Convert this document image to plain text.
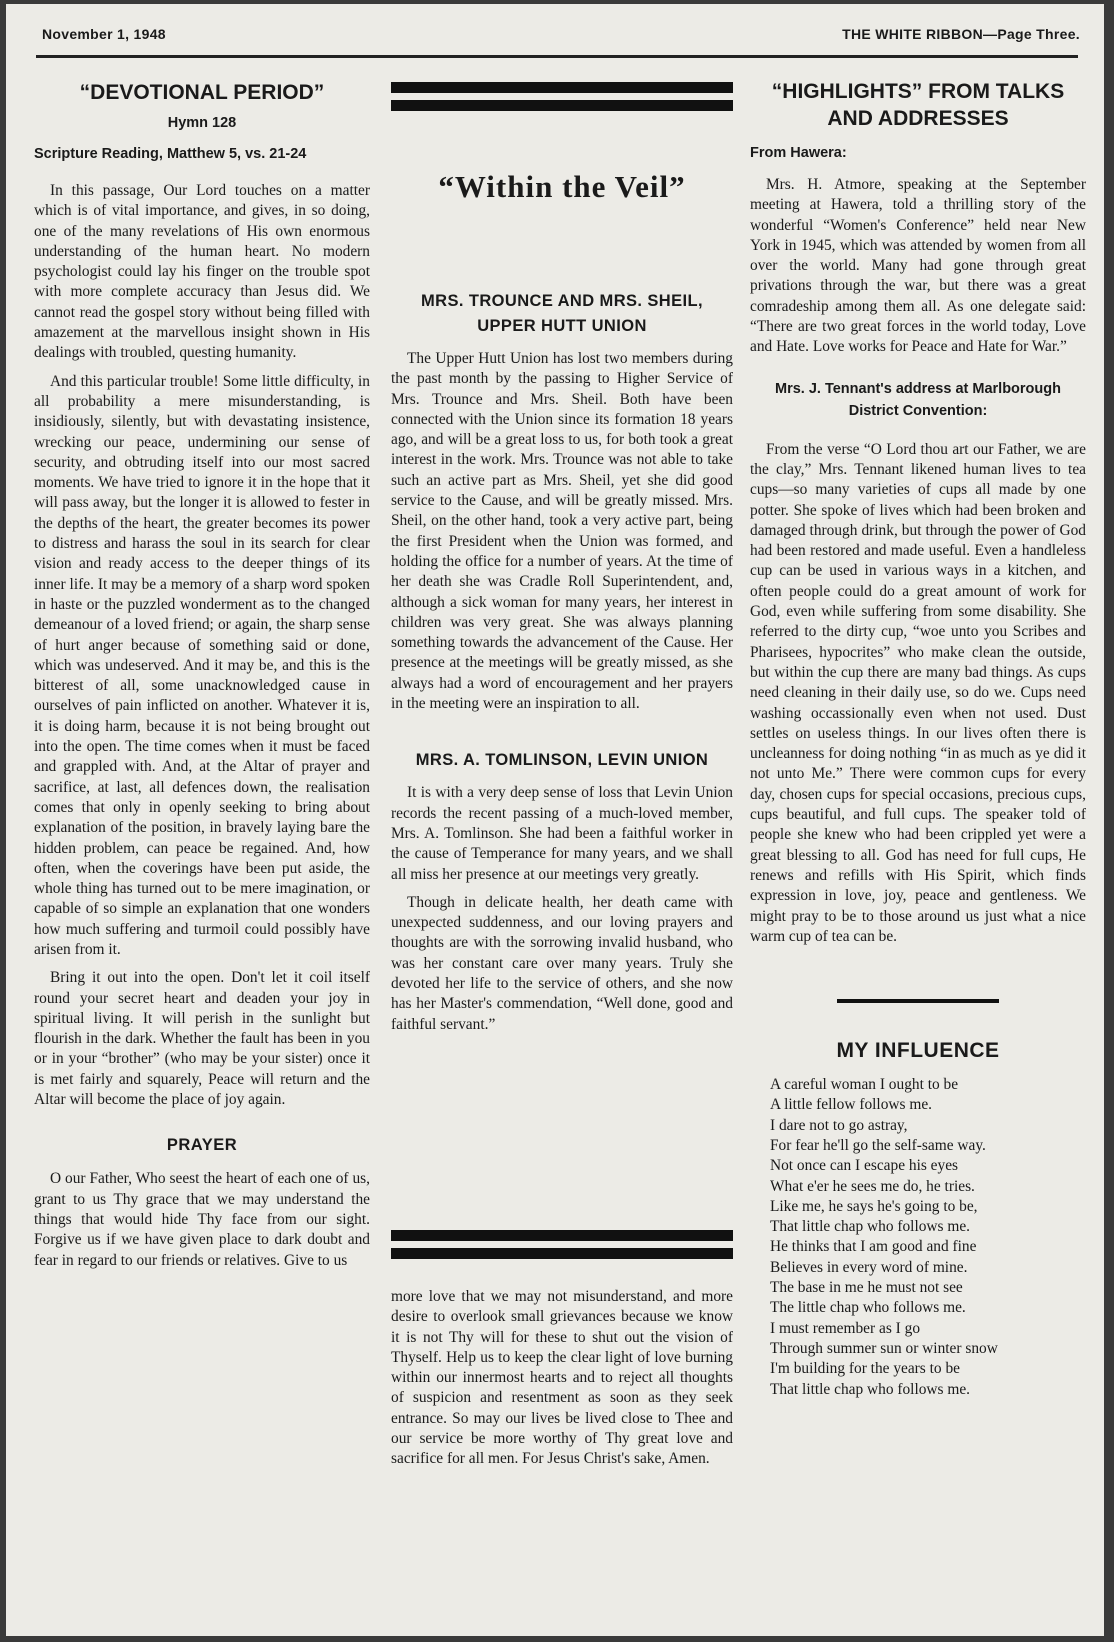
November 1, 1948	THE WHITE RIBBON—Page Three.
“DEVOTIONAL PERIOD”
Hymn 128
Scripture Reading, Matthew 5, vs. 21-24

In this passage, Our Lord touches on a matter which is of vital importance, and gives, in so doing, one of the many revelations of His own enormous understanding of the human heart. No modern psychologist could lay his finger on the trouble spot with more complete accuracy than Jesus did. We cannot read the gospel story without being filled with amazement at the marvellous insight shown in His dealings with troubled, questing humanity.

And this particular trouble! Some little difficulty, in all probability a mere misunderstanding, is insidiously, silently, but with devastating insistence, wrecking our peace, undermining our sense of security, and obtruding itself into our most sacred moments. We have tried to ignore it in the hope that it will pass away, but the longer it is allowed to fester in the depths of the heart, the greater becomes its power to distress and harass the soul in its search for clear vision and ready access to the deeper things of its inner life. It may be a memory of a sharp word spoken in haste or the puzzled wonderment as to the changed demeanour of a loved friend; or again, the sharp sense of hurt anger because of something said or done, which was undeserved. And it may be, and this is the bitterest of all, some unacknowledged cause in ourselves of pain inflicted on another. Whatever it is, it is doing harm, because it is not being brought out into the open. The time comes when it must be faced and grappled with. And, at the Altar of prayer and sacrifice, at last, all defences down, the realisation comes that only in openly seeking to bring about explanation of the position, in bravely laying bare the hidden problem, can peace be regained. And, how often, when the coverings have been put aside, the whole thing has turned out to be mere imagination, or capable of so simple an explanation that one wonders how much suffering and turmoil could possibly have arisen from it.

Bring it out into the open. Don't let it coil itself round your secret heart and deaden your joy in spiritual living. It will perish in the sunlight but flourish in the dark. Whether the fault has been in you or in your “brother” (who may be your sister) once it is met fairly and squarely, Peace will return and the Altar will become the place of joy again.

PRAYER

O our Father, Who seest the heart of each one of us, grant to us Thy grace that we may understand the things that would hide Thy face from our sight. Forgive us if we have given place to dark doubt and fear in regard to our friends or relatives. Give to us

“Within the Veil”
MRS. TROUNCE AND MRS. SHEIL, UPPER HUTT UNION

The Upper Hutt Union has lost two members during the past month by the passing to Higher Service of Mrs. Trounce and Mrs. Sheil. Both have been connected with the Union since its formation 18 years ago, and will be a great loss to us, for both took a great interest in the work. Mrs. Trounce was not able to take such an active part as Mrs. Sheil, yet she did good service to the Cause, and will be greatly missed. Mrs. Sheil, on the other hand, took a very active part, being the first President when the Union was formed, and holding the office for a number of years. At the time of her death she was Cradle Roll Superintendent, and, although a sick woman for many years, her interest in children was very great. She was always planning something towards the advancement of the Cause. Her presence at the meetings will be greatly missed, as she always had a word of encouragement and her prayers in the meeting were an inspiration to all.

MRS. A. TOMLINSON, LEVIN UNION

It is with a very deep sense of loss that Levin Union records the recent passing of a much-loved member, Mrs. A. Tomlinson. She had been a faithful worker in the cause of Temperance for many years, and we shall all miss her presence at our meetings very greatly.

Though in delicate health, her death came with unexpected suddenness, and our loving prayers and thoughts are with the sorrowing invalid husband, who was her constant care over many years. Truly she devoted her life to the service of others, and she now has her Master's commendation, “Well done, good and faithful servant.”

more love that we may not misunderstand, and more desire to overlook small grievances because we know it is not Thy will for these to shut out the vision of Thyself. Help us to keep the clear light of love burning within our innermost hearts and to reject all thoughts of suspicion and resentment as soon as they seek entrance. So may our lives be lived close to Thee and our service be more worthy of Thy great love and sacrifice for all men. For Jesus Christ's sake, Amen.

“HIGHLIGHTS” FROM TALKS AND ADDRESSES
From Hawera:

Mrs. H. Atmore, speaking at the September meeting at Hawera, told a thrilling story of the wonderful “Women's Conference” held near New York in 1945, which was attended by women from all over the world. Many had gone through great privations through the war, but there was a great comradeship among them all. As one delegate said: “There are two great forces in the world today, Love and Hate. Love works for Peace and Hate for War.”

Mrs. J. Tennant's address at Marlborough District Convention:

From the verse “O Lord thou art our Father, we are the clay,” Mrs. Tennant likened human lives to tea cups—so many varieties of cups all made by one potter. She spoke of lives which had been broken and damaged through drink, but through the power of God had been restored and made useful. Even a handleless cup can be used in various ways in a kitchen, and often people could do a great amount of work for God, even while suffering from some disability. She referred to the dirty cup, “woe unto you Scribes and Pharisees, hypocrites” who make clean the outside, but within the cup there are many bad things. As cups need cleaning in their daily use, so do we. Cups need washing occassionally even when not used. Dust settles on useless things. In our lives often there is uncleanness for doing nothing “in as much as ye did it not unto Me.” There were common cups for every day, chosen cups for special occasions, precious cups, cups beautiful, and full cups. The speaker told of people she knew who had been crippled yet were a great blessing to all. God has need for full cups, He renews and refills with His Spirit, which finds expression in love, joy, peace and gentleness. We might pray to be to those around us just what a nice warm cup of tea can be.

MY INFLUENCE
A careful woman I ought to be
A little fellow follows me.
I dare not to go astray,
For fear he'll go the self-same way.
Not once can I escape his eyes
What e'er he sees me do, he tries.
Like me, he says he's going to be,
That little chap who follows me.
He thinks that I am good and fine
Believes in every word of mine.
The base in me he must not see
The little chap who follows me.
I must remember as I go
Through summer sun or winter snow
I'm building for the years to be
That little chap who follows me.
